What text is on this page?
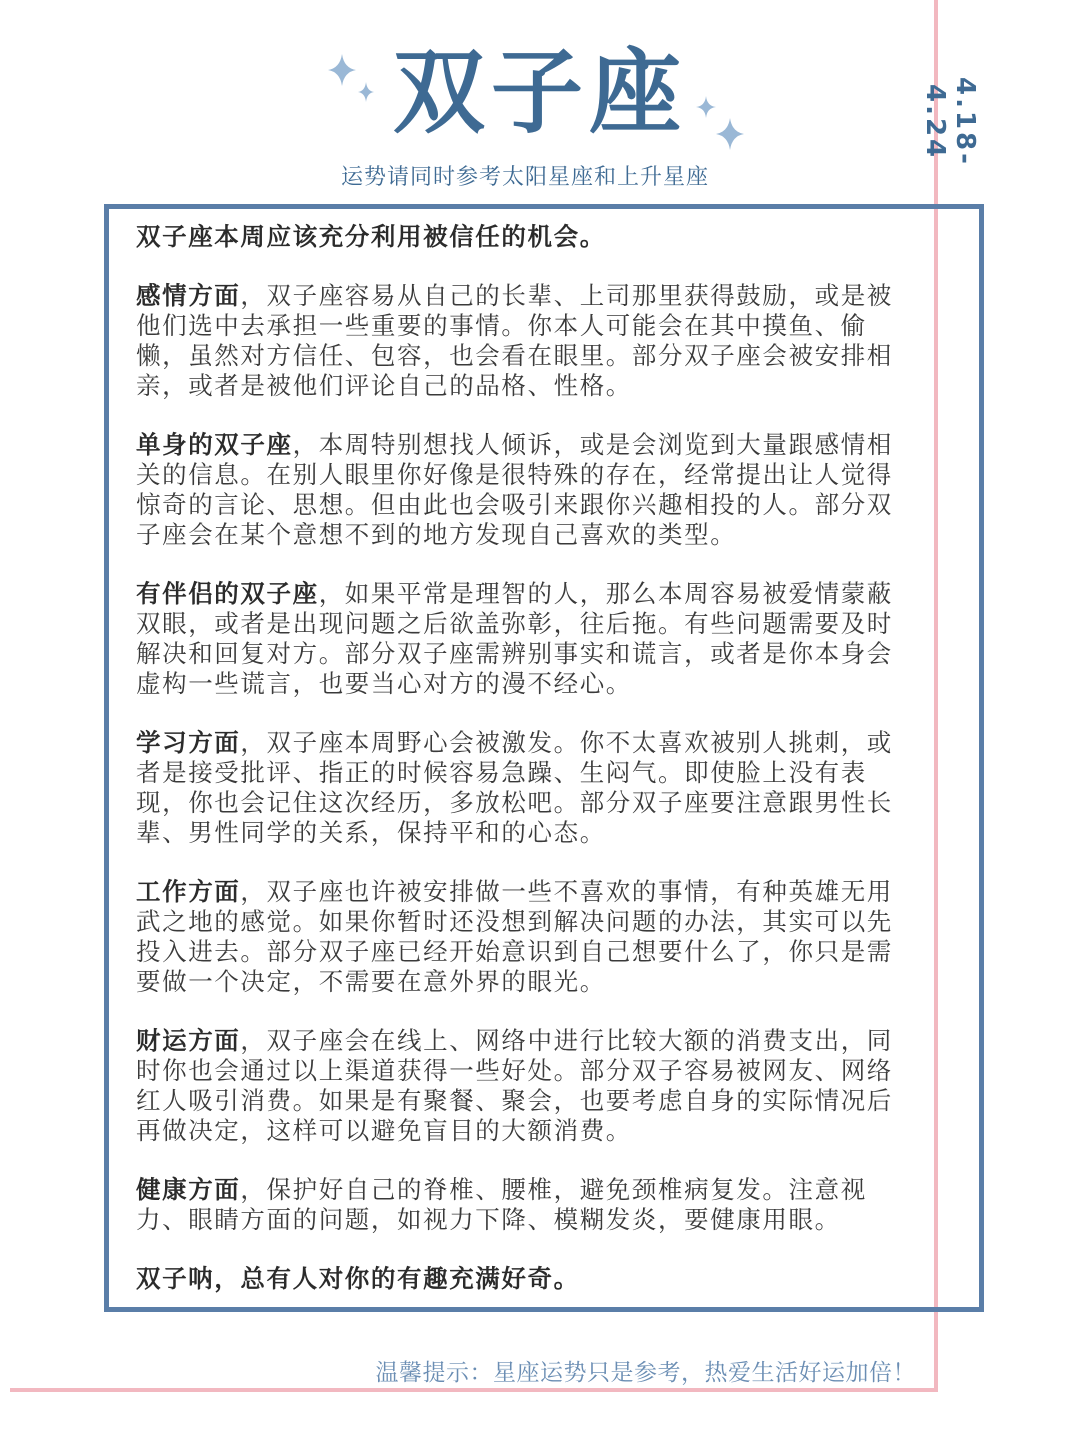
4.18-4.24
双子座
运势请同时参考太阳星座和上升星座

双子座本周应该充分利用被信任的机会。

感情方面，双子座容易从自己的长辈、上司那里获得鼓励，或是被他们选中去承担一些重要的事情。你本人可能会在其中摸鱼、偷懒，虽然对方信任、包容，也会看在眼里。部分双子座会被安排相亲，或者是被他们评论自己的品格、性格。

单身的双子座，本周特别想找人倾诉，或是会浏览到大量跟感情相关的信息。在别人眼里你好像是很特殊的存在，经常提出让人觉得惊奇的言论、思想。但由此也会吸引来跟你兴趣相投的人。部分双子座会在某个意想不到的地方发现自己喜欢的类型。

有伴侣的双子座，如果平常是理智的人，那么本周容易被爱情蒙蔽双眼，或者是出现问题之后欲盖弥彰，往后拖。有些问题需要及时解决和回复对方。部分双子座需辨别事实和谎言，或者是你本身会虚构一些谎言，也要当心对方的漫不经心。

学习方面，双子座本周野心会被激发。你不太喜欢被别人挑刺，或者是接受批评、指正的时候容易急躁、生闷气。即使脸上没有表现，你也会记住这次经历，多放松吧。部分双子座要注意跟男性长辈、男性同学的关系，保持平和的心态。

工作方面，双子座也许被安排做一些不喜欢的事情，有种英雄无用武之地的感觉。如果你暂时还没想到解决问题的办法，其实可以先投入进去。部分双子座已经开始意识到自己想要什么了，你只是需要做一个决定，不需要在意外界的眼光。

财运方面，双子座会在线上、网络中进行比较大额的消费支出，同时你也会通过以上渠道获得一些好处。部分双子容易被网友、网络红人吸引消费。如果是有聚餐、聚会，也要考虑自身的实际情况后再做决定，这样可以避免盲目的大额消费。

健康方面，保护好自己的脊椎、腰椎，避免颈椎病复发。注意视力、眼睛方面的问题，如视力下降、模糊发炎，要健康用眼。

双子呐，总有人对你的有趣充满好奇。

温馨提示：星座运势只是参考，热爱生活好运加倍！
